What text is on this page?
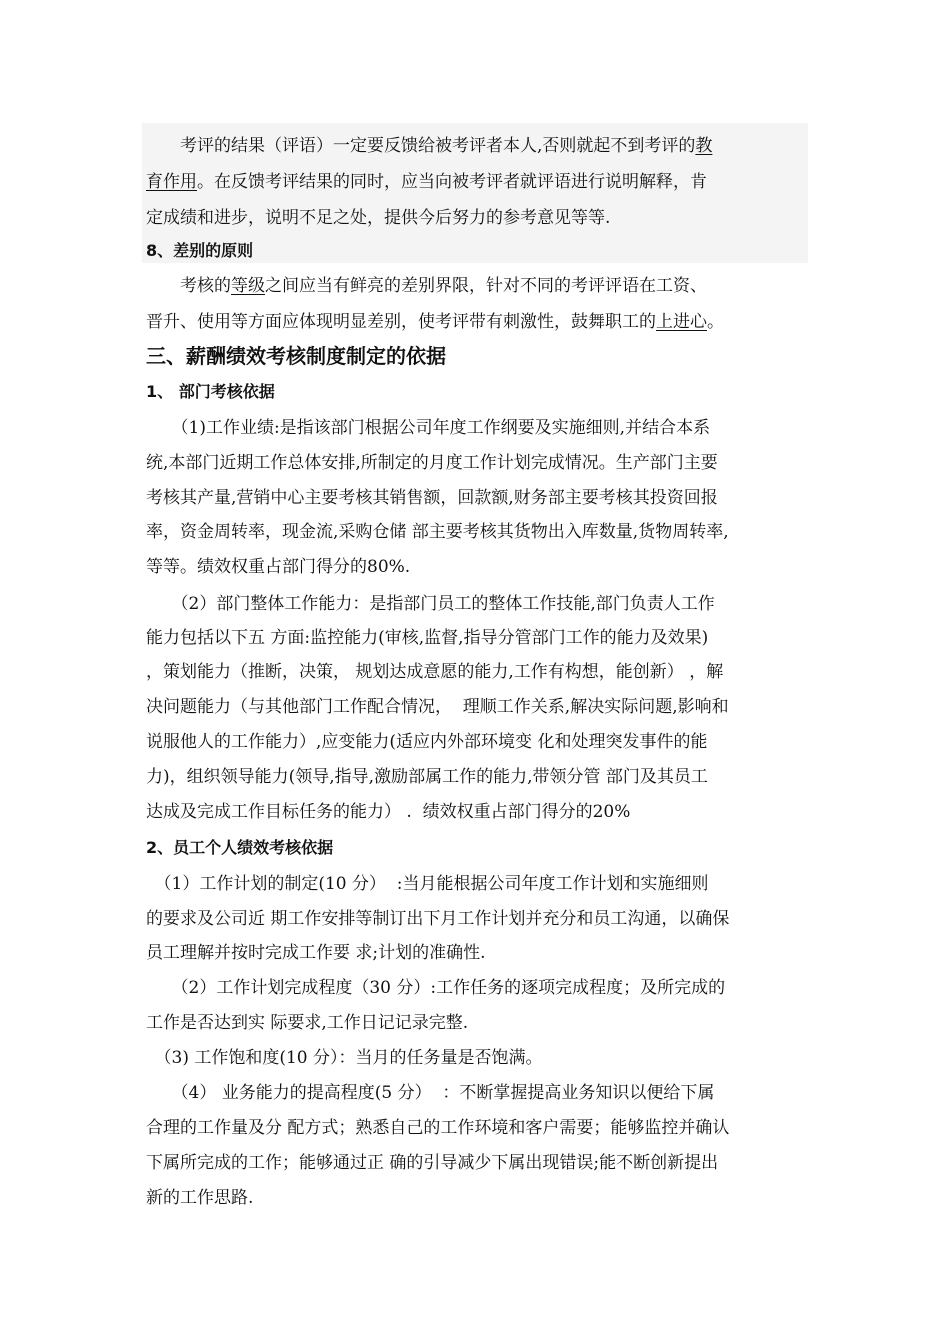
　　考评的结果（评语）一定要反馈给被考评者本人,否则就起不到考评的教
育作用。在反馈考评结果的同时，应当向被考评者就评语进行说明解释，肯
定成绩和进步，说明不足之处，提供今后努力的参考意见等等.
8、差别的原则
　　考核的等级之间应当有鲜亮的差别界限，针对不同的考评评语在工资、
晋升、使用等方面应体现明显差别，使考评带有刺激性，鼓舞职工的上进心。
三、薪酬绩效考核制度制定的依据
1、 部门考核依据
　　（1)工作业绩:是指该部门根据公司年度工作纲要及实施细则,并结合本系
统,本部门近期工作总体安排,所制定的月度工作计划完成情况。生产部门主要
考核其产量,营销中心主要考核其销售额，回款额,财务部主要考核其投资回报
率，资金周转率，现金流,采购仓储 部主要考核其货物出入库数量,货物周转率,
等等。绩效权重占部门得分的80%.
　　（2）部门整体工作能力：是指部门员工的整体工作技能,部门负责人工作
能力包括以下五 方面:监控能力(审核,监督,指导分管部门工作的能力及效果)
，策划能力（推断，决策， 规划达成意愿的能力,工作有构想，能创新） ，解
决问题能力（与其他部门工作配合情况，  理顺工作关系,解决实际问题,影响和
说服他人的工作能力）,应变能力(适应内外部环境变 化和处理突发事件的能
力)，组织领导能力(领导,指导,激励部属工作的能力,带领分管 部门及其员工
达成及完成工作目标任务的能力） .  绩效权重占部门得分的20%
2、员工个人绩效考核依据
　（1）工作计划的制定(10 分）  :当月能根据公司年度工作计划和实施细则
的要求及公司近 期工作安排等制订出下月工作计划并充分和员工沟通，以确保
员工理解并按时完成工作要 求;计划的准确性.
　　（2）工作计划完成程度（30 分）:工作任务的逐项完成程度；及所完成的
工作是否达到实 际要求,工作日记记录完整.
　（3) 工作饱和度(10 分）：当月的任务量是否饱满。
　　（4） 业务能力的提高程度(5 分）  ：不断掌握提高业务知识以便给下属
合理的工作量及分 配方式；熟悉自己的工作环境和客户需要；能够监控并确认
下属所完成的工作；能够通过正 确的引导减少下属出现错误;能不断创新提出
新的工作思路.
